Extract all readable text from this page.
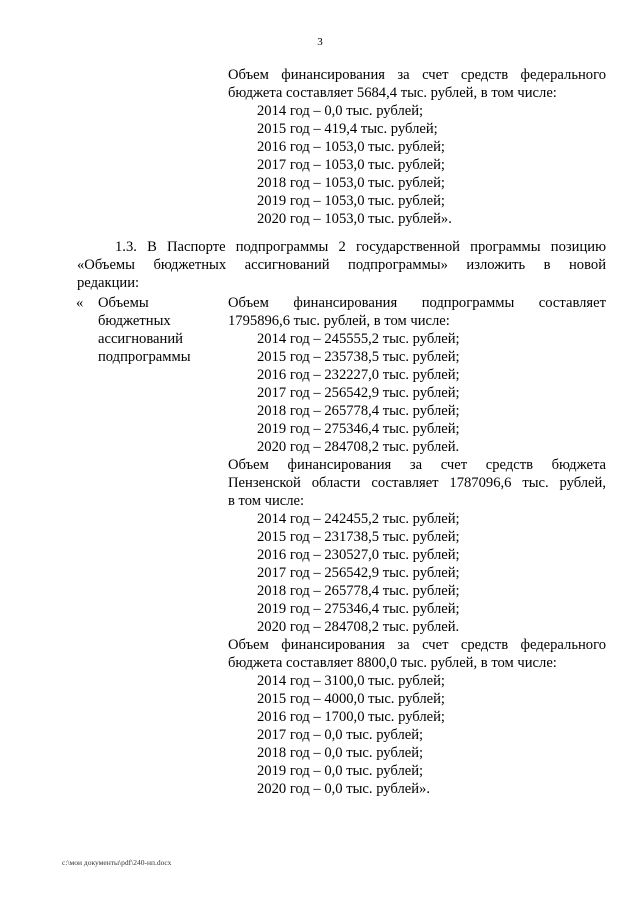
3
Объем финансирования за счет средств федерального
бюджета составляет 5684,4 тыс. рублей, в том числе:
2014 год – 0,0 тыс. рублей;
2015 год – 419,4 тыс. рублей;
2016 год – 1053,0 тыс. рублей;
2017 год – 1053,0 тыс. рублей;
2018 год – 1053,0 тыс. рублей;
2019 год – 1053,0 тыс. рублей;
2020 год – 1053,0 тыс. рублей».
1.3. В Паспорте подпрограммы 2 государственной программы позицию
«Объемы бюджетных ассигнований подпрограммы» изложить в новой
редакции:
« Объемы
бюджетных
ассигнований
подпрограммы
Объем финансирования подпрограммы составляет
1795896,6 тыс. рублей, в том числе:
2014 год – 245555,2 тыс. рублей;
2015 год – 235738,5 тыс. рублей;
2016 год – 232227,0 тыс. рублей;
2017 год – 256542,9 тыс. рублей;
2018 год – 265778,4 тыс. рублей;
2019 год – 275346,4 тыс. рублей;
2020 год – 284708,2 тыс. рублей.
Объем финансирования за счет средств бюджета
Пензенской области составляет 1787096,6 тыс. рублей,
в том числе:
2014 год – 242455,2 тыс. рублей;
2015 год – 231738,5 тыс. рублей;
2016 год – 230527,0 тыс. рублей;
2017 год – 256542,9 тыс. рублей;
2018 год – 265778,4 тыс. рублей;
2019 год – 275346,4 тыс. рублей;
2020 год – 284708,2 тыс. рублей.
Объем финансирования за счет средств федерального
бюджета составляет 8800,0 тыс. рублей, в том числе:
2014 год – 3100,0 тыс. рублей;
2015 год – 4000,0 тыс. рублей;
2016 год – 1700,0 тыс. рублей;
2017 год – 0,0 тыс. рублей;
2018 год – 0,0 тыс. рублей;
2019 год – 0,0 тыс. рублей;
2020 год – 0,0 тыс. рублей».
c:\мои документы\pdf\240-нп.docx
